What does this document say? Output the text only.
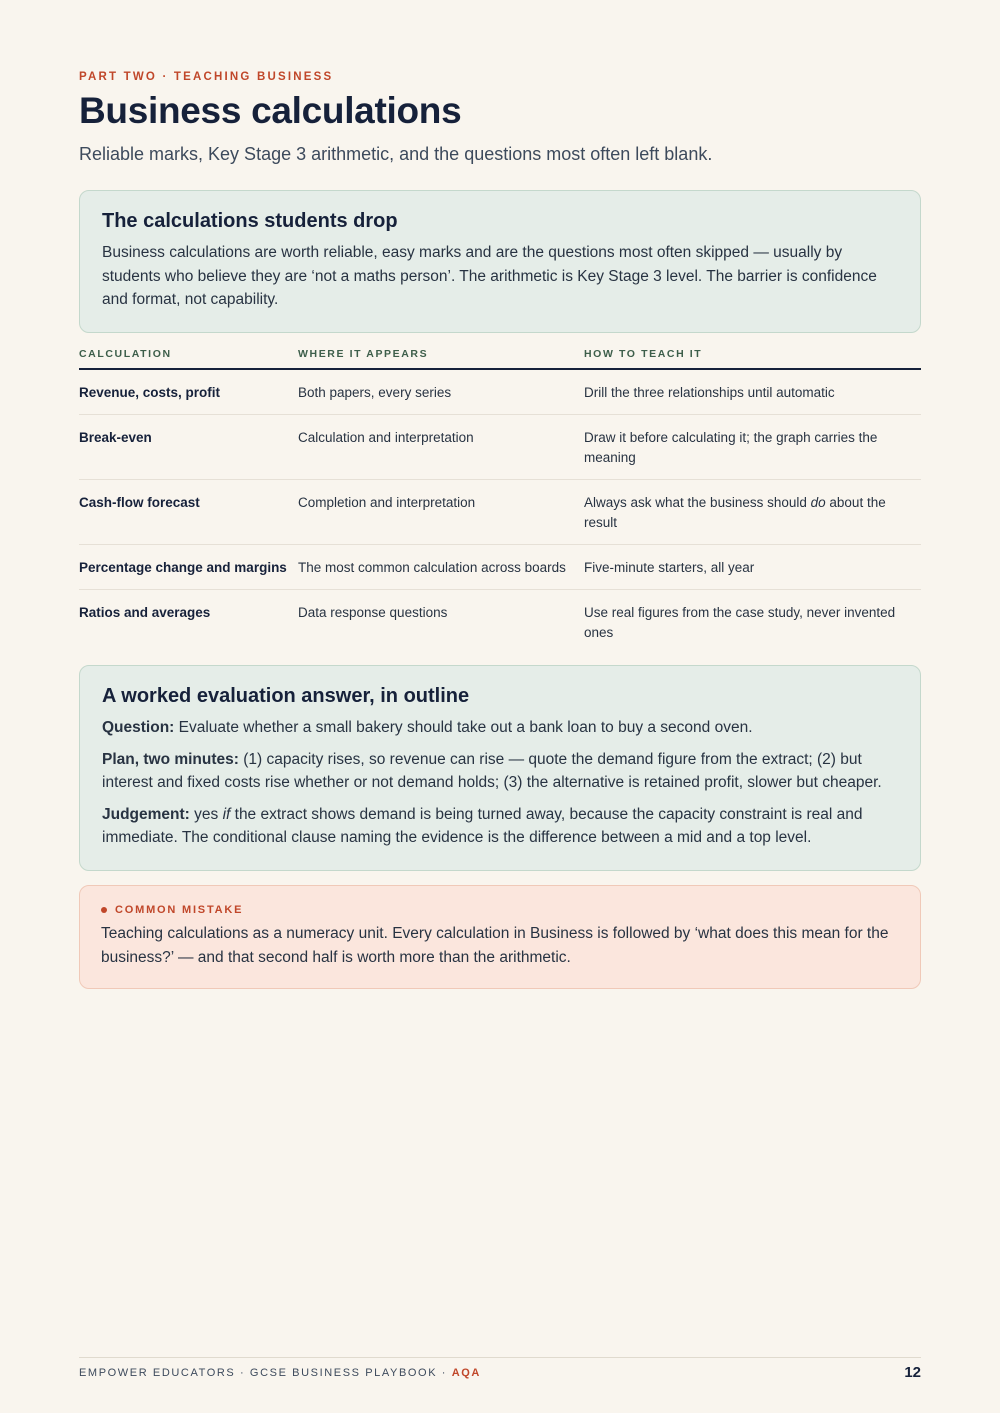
PART TWO · TEACHING BUSINESS
Business calculations

Reliable marks, Key Stage 3 arithmetic, and the questions most often left blank.

The calculations students drop

Business calculations are worth reliable, easy marks and are the questions most often skipped — usually by students who believe they are ‘not a maths person’. The arithmetic is Key Stage 3 level. The barrier is confidence and format, not capability.

CALCULATION	WHERE IT APPEARS	HOW TO TEACH IT
Revenue, costs, profit	Both papers, every series	Drill the three relationships until automatic
Break-even	Calculation and interpretation	Draw it before calculating it; the graph carries the meaning
Cash-flow forecast	Completion and interpretation	Always ask what the business should do about the result
Percentage change and margins	The most common calculation across boards	Five-minute starters, all year
Ratios and averages	Data response questions	Use real figures from the case study, never invented ones
A worked evaluation answer, in outline

Question: Evaluate whether a small bakery should take out a bank loan to buy a second oven.

Plan, two minutes: (1) capacity rises, so revenue can rise — quote the demand figure from the extract; (2) but interest and fixed costs rise whether or not demand holds; (3) the alternative is retained profit, slower but cheaper.

Judgement: yes if the extract shows demand is being turned away, because the capacity constraint is real and immediate. The conditional clause naming the evidence is the difference between a mid and a top level.

COMMON MISTAKE

Teaching calculations as a numeracy unit. Every calculation in Business is followed by ‘what does this mean for the business?’ — and that second half is worth more than the arithmetic.

EMPOWER EDUCATORS · GCSE BUSINESS PLAYBOOK · AQA	12
